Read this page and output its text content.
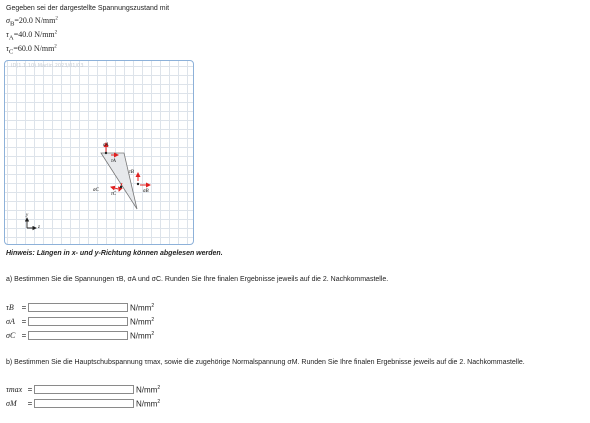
Gegeben sei der dargestellte Spannungszustand mit
$\sigma_B=20.0$ $N/mm^2$
$\tau_A=40.0$ $N/mm^2$
$\tau_C=60.0$ $N/mm^2$
ID(1.1.10) Marlin 2023/01/03
σA
τA
τB
σB
σC
τC
y
z
Hinweis: Längen in x- und y-Richtung können abgelesen werden.
a) Bestimmen Sie die Spannungen τB, σA und σC. Runden Sie Ihre finalen Ergebnisse jeweils auf die 2. Nachkommastelle.
τB =	$N/mm^2$
σA =	$N/mm^2$
σC =	$N/mm^2$
b) Bestimmen Sie die Hauptschubspannung τmax, sowie die zugehörige Normalspannung σM. Runden Sie Ihre finalen Ergebnisse jeweils auf die 2. Nachkommastelle.
τmax =	$N/mm^2$
σM	=	$N/mm^2$
